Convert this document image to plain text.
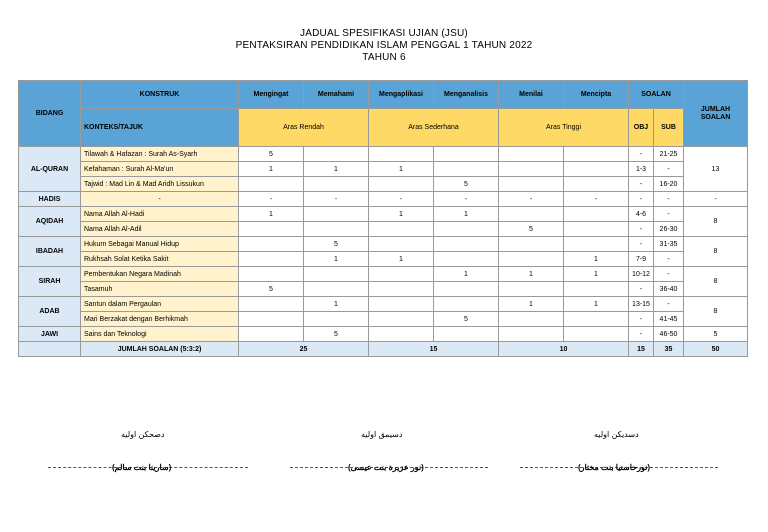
JADUAL SPESIFIKASI UJIAN (JSU)
PENTAKSIRAN PENDIDIKAN ISLAM PENGGAL 1 TAHUN 2022
TAHUN 6
BIDANG	KONSTRUK	Mengingat	Memahami	Mengaplikasi	Menganalisis	Menilai	Mencipta	SOALAN		JUMLAH SOALAN
	KONTEKS/TAJUK	Aras Rendah		Aras Sederhana		Aras Tinggi		OBJ	SUB	
AL-QURAN	Tilawah & Hafazan : Surah As-Syarh	5						-	21-25	13
	Kefahaman : Surah Al-Ma'un	1	1	1				1-3	-	
	Tajwid : Mad Lin & Mad Aridh Lissukun				5			-	16-20	
HADIS	-	-	-	-	-	-	-	-	-	-
AQIDAH	Nama Allah Al-Hadi	1		1	1			4-6	-	8
	Nama Allah Al-Adil					5		-	26-30	
IBADAH	Hukum Sebagai Manual Hidup		5					-	31-35	8
	Rukhsah Solat Ketika Sakit		1	1			1	7-9	-	
SIRAH	Pembentukan Negara Madinah				1	1	1	10-12	-	8
	Tasamuh	5						-	36-40	
ADAB	Santun dalam Pergaulan		1			1	1	13-15	-	8
	Mari Berzakat dengan Berhikmah				5			-	41-45	
JAWI	Sains dan Teknologi		5					-	46-50	5
	JUMLAH SOALAN (5:3:2)	25		15		10		15	35	50
دصحکن اوليه	دسيمق اوليه	دسديکن اوليه
(سارينا بنت سالم)	(نور عزيرة بنت عيسى)	(نورحاسنيا بنت مختار)
